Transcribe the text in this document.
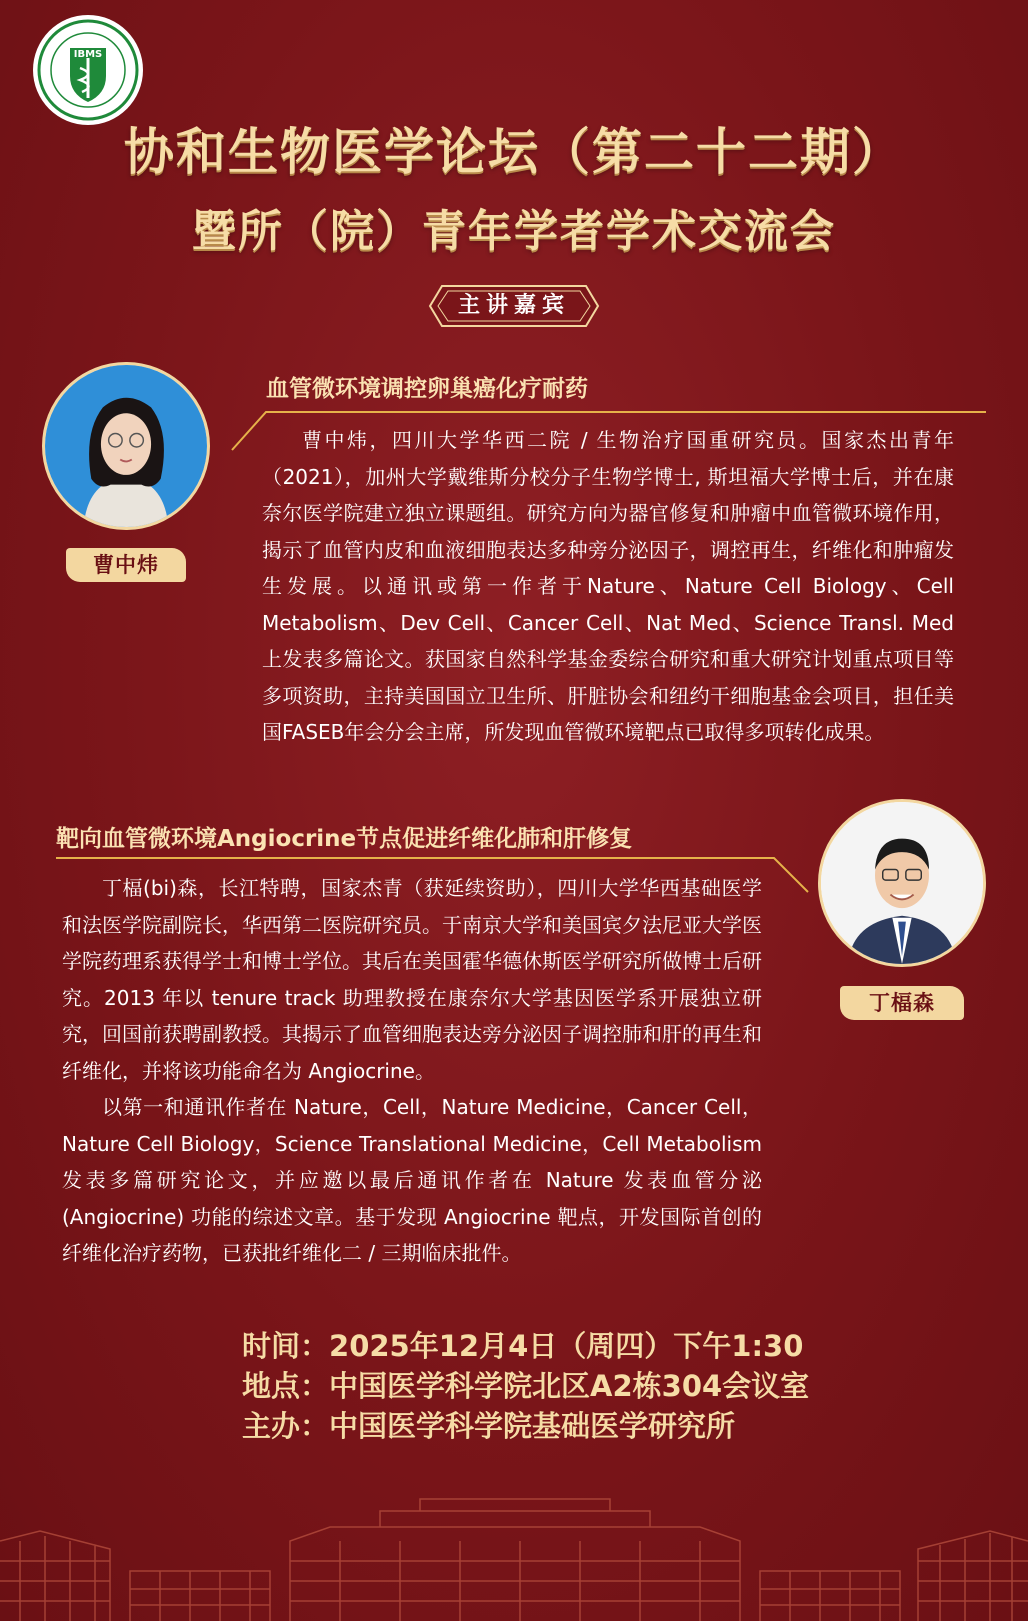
IBMS
协和生物医学论坛（第二十二期）
暨所（院）青年学者学术交流会
主讲嘉宾
曹中炜
血管微环境调控卵巢癌化疗耐药

曹中炜，四川大学华西二院 / 生物治疗国重研究员。国家杰出青年（2021），加州大学戴维斯分校分子生物学博士, 斯坦福大学博士后，并在康奈尔医学院建立独立课题组。研究方向为器官修复和肿瘤中血管微环境作用，揭示了血管内皮和血液细胞表达多种旁分泌因子，调控再生，纤维化和肿瘤发生发展。以通讯或第一作者于Nature、Nature Cell Biology、Cell Metabolism、Dev Cell、Cancer Cell、Nat Med、Science Transl. Med上发表多篇论文。获国家自然科学基金委综合研究和重大研究计划重点项目等多项资助，主持美国国立卫生所、肝脏协会和纽约干细胞基金会项目，担任美国FASEB年会分会主席，所发现血管微环境靶点已取得多项转化成果。

靶向血管微环境Angiocrine节点促进纤维化肺和肝修复

丁楅(bi)森，长江特聘，国家杰青（获延续资助），四川大学华西基础医学和法医学院副院长，华西第二医院研究员。于南京大学和美国宾夕法尼亚大学医学院药理系获得学士和博士学位。其后在美国霍华德休斯医学研究所做博士后研究。2013 年以 tenure track 助理教授在康奈尔大学基因医学系开展独立研究，回国前获聘副教授。其揭示了血管细胞表达旁分泌因子调控肺和肝的再生和纤维化，并将该功能命名为 Angiocrine。

以第一和通讯作者在 Nature，Cell，Nature Medicine，Cancer Cell，Nature Cell Biology，Science Translational Medicine，Cell Metabolism 发表多篇研究论文，并应邀以最后通讯作者在 Nature 发表血管分泌 (Angiocrine) 功能的综述文章。基于发现 Angiocrine 靶点，开发国际首创的纤维化治疗药物，已获批纤维化二 / 三期临床批件。

丁楅森
时间：2025年12月4日（周四）下午1:30
地点：中国医学科学院北区A2栋304会议室
主办：中国医学科学院基础医学研究所
